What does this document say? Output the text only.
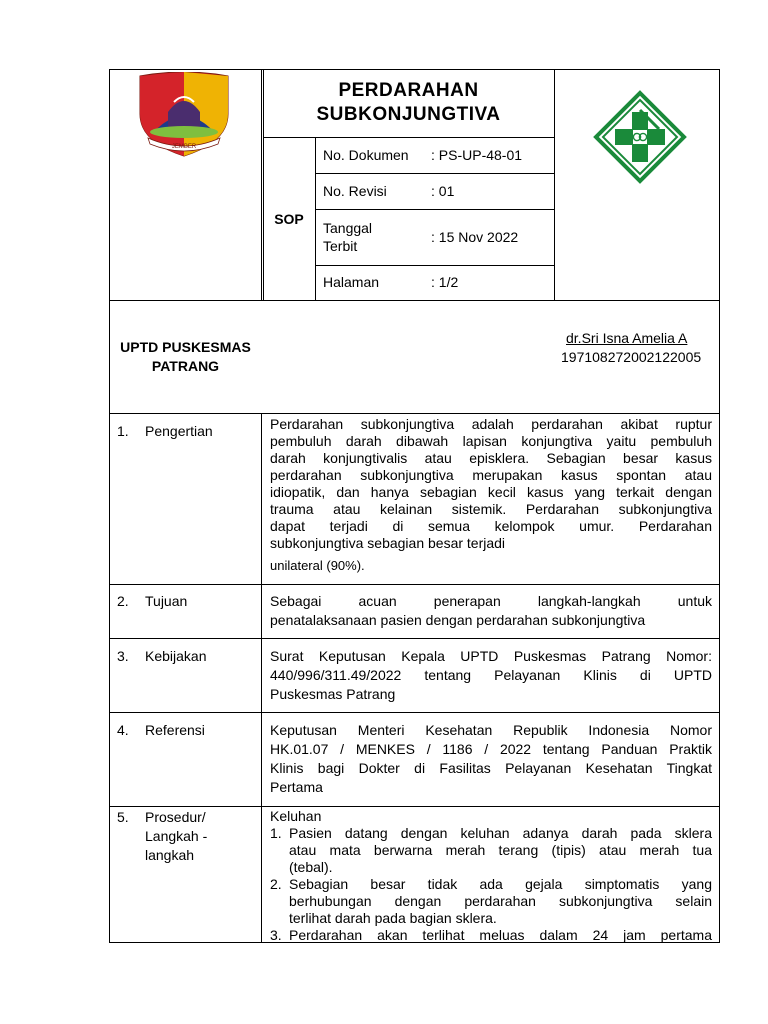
JEMBER
PERDARAHAN
SUBKONJUNGTIVA
SOP
No. Dokumen : PS-UP-48-01
No. Revisi	: 01
Tanggal
Terbit
: 15 Nov 2022
Halaman	: 1/2
UPTD PUSKESMAS
PATRANG
dr.Sri Isna Amelia A
197108272002122005
1. Pengertian	Perdarahan subkonjungtiva adalah perdarahan akibat ruptur
pembuluh darah dibawah lapisan konjungtiva yaitu pembuluh
darah konjungtivalis atau episklera. Sebagian besar kasus
perdarahan subkonjungtiva merupakan kasus spontan atau
idiopatik, dan hanya sebagian kecil kasus yang terkait dengan
trauma atau kelainan sistemik. Perdarahan subkonjungtiva
dapat terjadi di semua kelompok umur. Perdarahan
subkonjungtiva sebagian besar terjadi
unilateral (90%).
2. Tujuan	Sebagai acuan penerapan langkah-langkah untuk
penatalaksanaan pasien dengan perdarahan subkonjungtiva
3. Kebijakan	Surat Keputusan Kepala UPTD Puskesmas Patrang Nomor:
440/996/311.49/2022 tentang Pelayanan Klinis di UPTD
Puskesmas Patrang
4. Referensi	Keputusan Menteri Kesehatan Republik Indonesia Nomor
HK.01.07 / MENKES / 1186 / 2022 tentang Panduan Praktik
Klinis bagi Dokter di Fasilitas Pelayanan Kesehatan Tingkat
Pertama
5. Prosedur/
Langkah -
langkah
Keluhan
1. Pasien datang dengan keluhan adanya darah pada sklera
atau mata berwarna merah terang (tipis) atau merah tua
(tebal).
2. Sebagian besar tidak ada gejala simptomatis yang
berhubungan dengan perdarahan subkonjungtiva selain
terlihat darah pada bagian sklera.
3. Perdarahan akan terlihat meluas dalam 24 jam pertama
